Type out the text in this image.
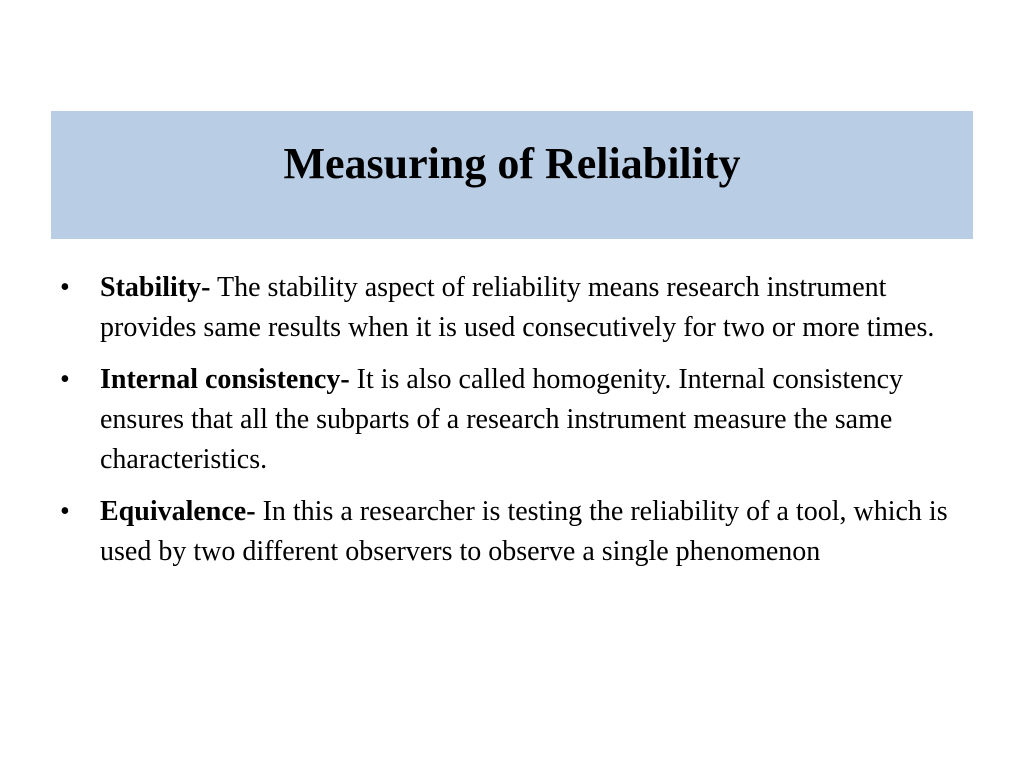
Measuring of Reliability
• Stability- The stability aspect of reliability means research instrument provides same results when it is used consecutively for two or more times.
• Internal consistency- It is also called homogenity. Internal consistency ensures that all the subparts of a research instrument measure the same characteristics.
• Equivalence- In this a researcher is testing the reliability of a tool, which is used by two different observers to observe a single phenomenon
